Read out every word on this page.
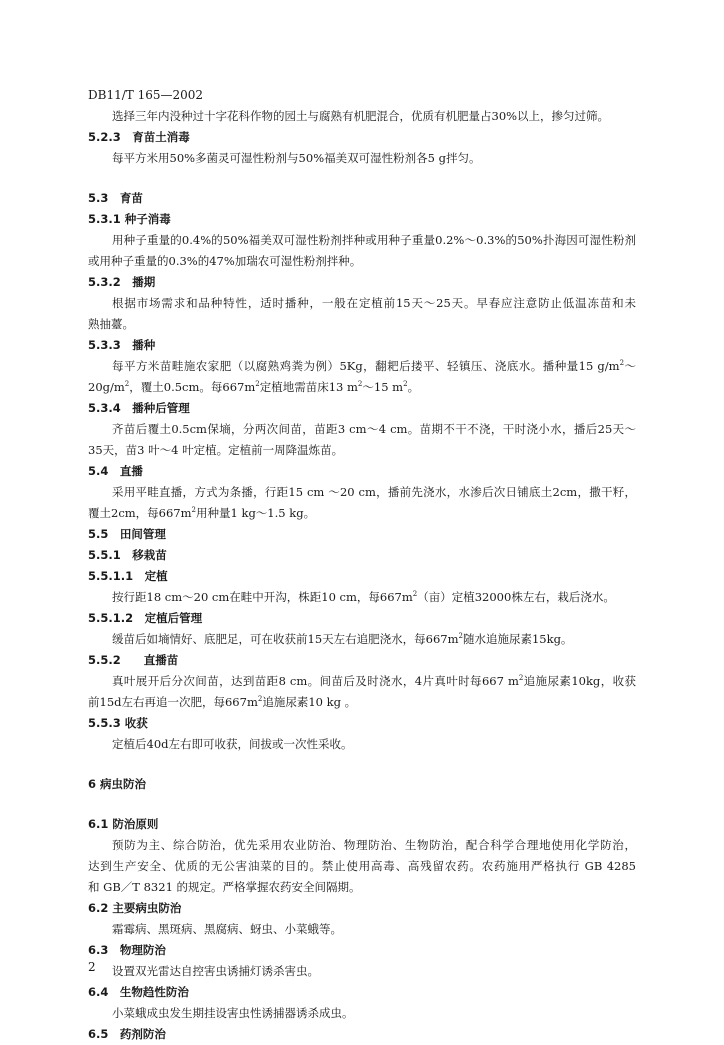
DB11/T 165—2002
选择三年内没种过十字花科作物的园土与腐熟有机肥混合，优质有机肥量占30%以上，掺匀过筛。
5.2.3　育苗土消毒
每平方米用50%多菌灵可湿性粉剂与50%福美双可湿性粉剂各5 g拌匀。
5.3　育苗
5.3.1 种子消毒
用种子重量的0.4%的50%福美双可湿性粉剂拌种或用种子重量0.2%～0.3%的50%扑海因可湿性粉剂
或用种子重量的0.3%的47%加瑞农可湿性粉剂拌种。
5.3.2　播期
根据市场需求和品种特性，适时播种，一般在定植前15天～25天。早春应注意防止低温冻苗和未
熟抽薹。
5.3.3　播种
每平方米苗畦施农家肥（以腐熟鸡粪为例）5Kg，翻耙后搂平、轻镇压、浇底水。播种量15 $g/m^2\sim$
$20g/m^2$，覆土0.5cm。每$667m^2$定植地需苗床13 $m^2\sim 15$ $m^2$。
5.3.4　播种后管理
齐苗后覆土0.5cm保墒，分两次间苗，苗距3 cm～4 cm。苗期不干不浇，干时浇小水，播后25天～
35天，苗3 叶～4 叶定植。定植前一周降温炼苗。
5.4　直播
采用平畦直播，方式为条播，行距15 cm ～20 cm，播前先浇水，水渗后次日铺底土2cm，撒干籽，
覆土2cm，每$667m^2$用种量1 kg～1.5 kg。
5.5　田间管理
5.5.1　移栽苗
5.5.1.1　定植
按行距18 cm～20 cm在畦中开沟，株距10 cm，每$667m^2$（亩）定植32000株左右，栽后浇水。
5.5.1.2　定植后管理
缓苗后如墒情好、底肥足，可在收获前15天左右追肥浇水，每$667m^2$随水追施尿素15kg。
5.5.2　　直播苗
真叶展开后分次间苗，达到苗距8 cm。间苗后及时浇水，4片真叶时每667 $m^2$追施尿素10kg，收获
前15d左右再追一次肥，每$667m^2$追施尿素10 kg 。
5.5.3 收获
定植后40d左右即可收获，间拔或一次性采收。
6 病虫防治
6.1 防治原则
预防为主、综合防治，优先采用农业防治、物理防治、生物防治，配合科学合理地使用化学防治，
达到生产安全、优质的无公害油菜的目的。禁止使用高毒、高残留农药。农药施用严格执行 GB 4285
和 GB／T 8321 的规定。严格掌握农药安全间隔期。
6.2 主要病虫防治
霜霉病、黑斑病、黑腐病、蚜虫、小菜蛾等。
6.3　物理防治
设置双光雷达自控害虫诱捕灯诱杀害虫。
6.4　生物趋性防治
小菜蛾成虫发生期挂设害虫性诱捕器诱杀成虫。
6.5　药剂防治
2
